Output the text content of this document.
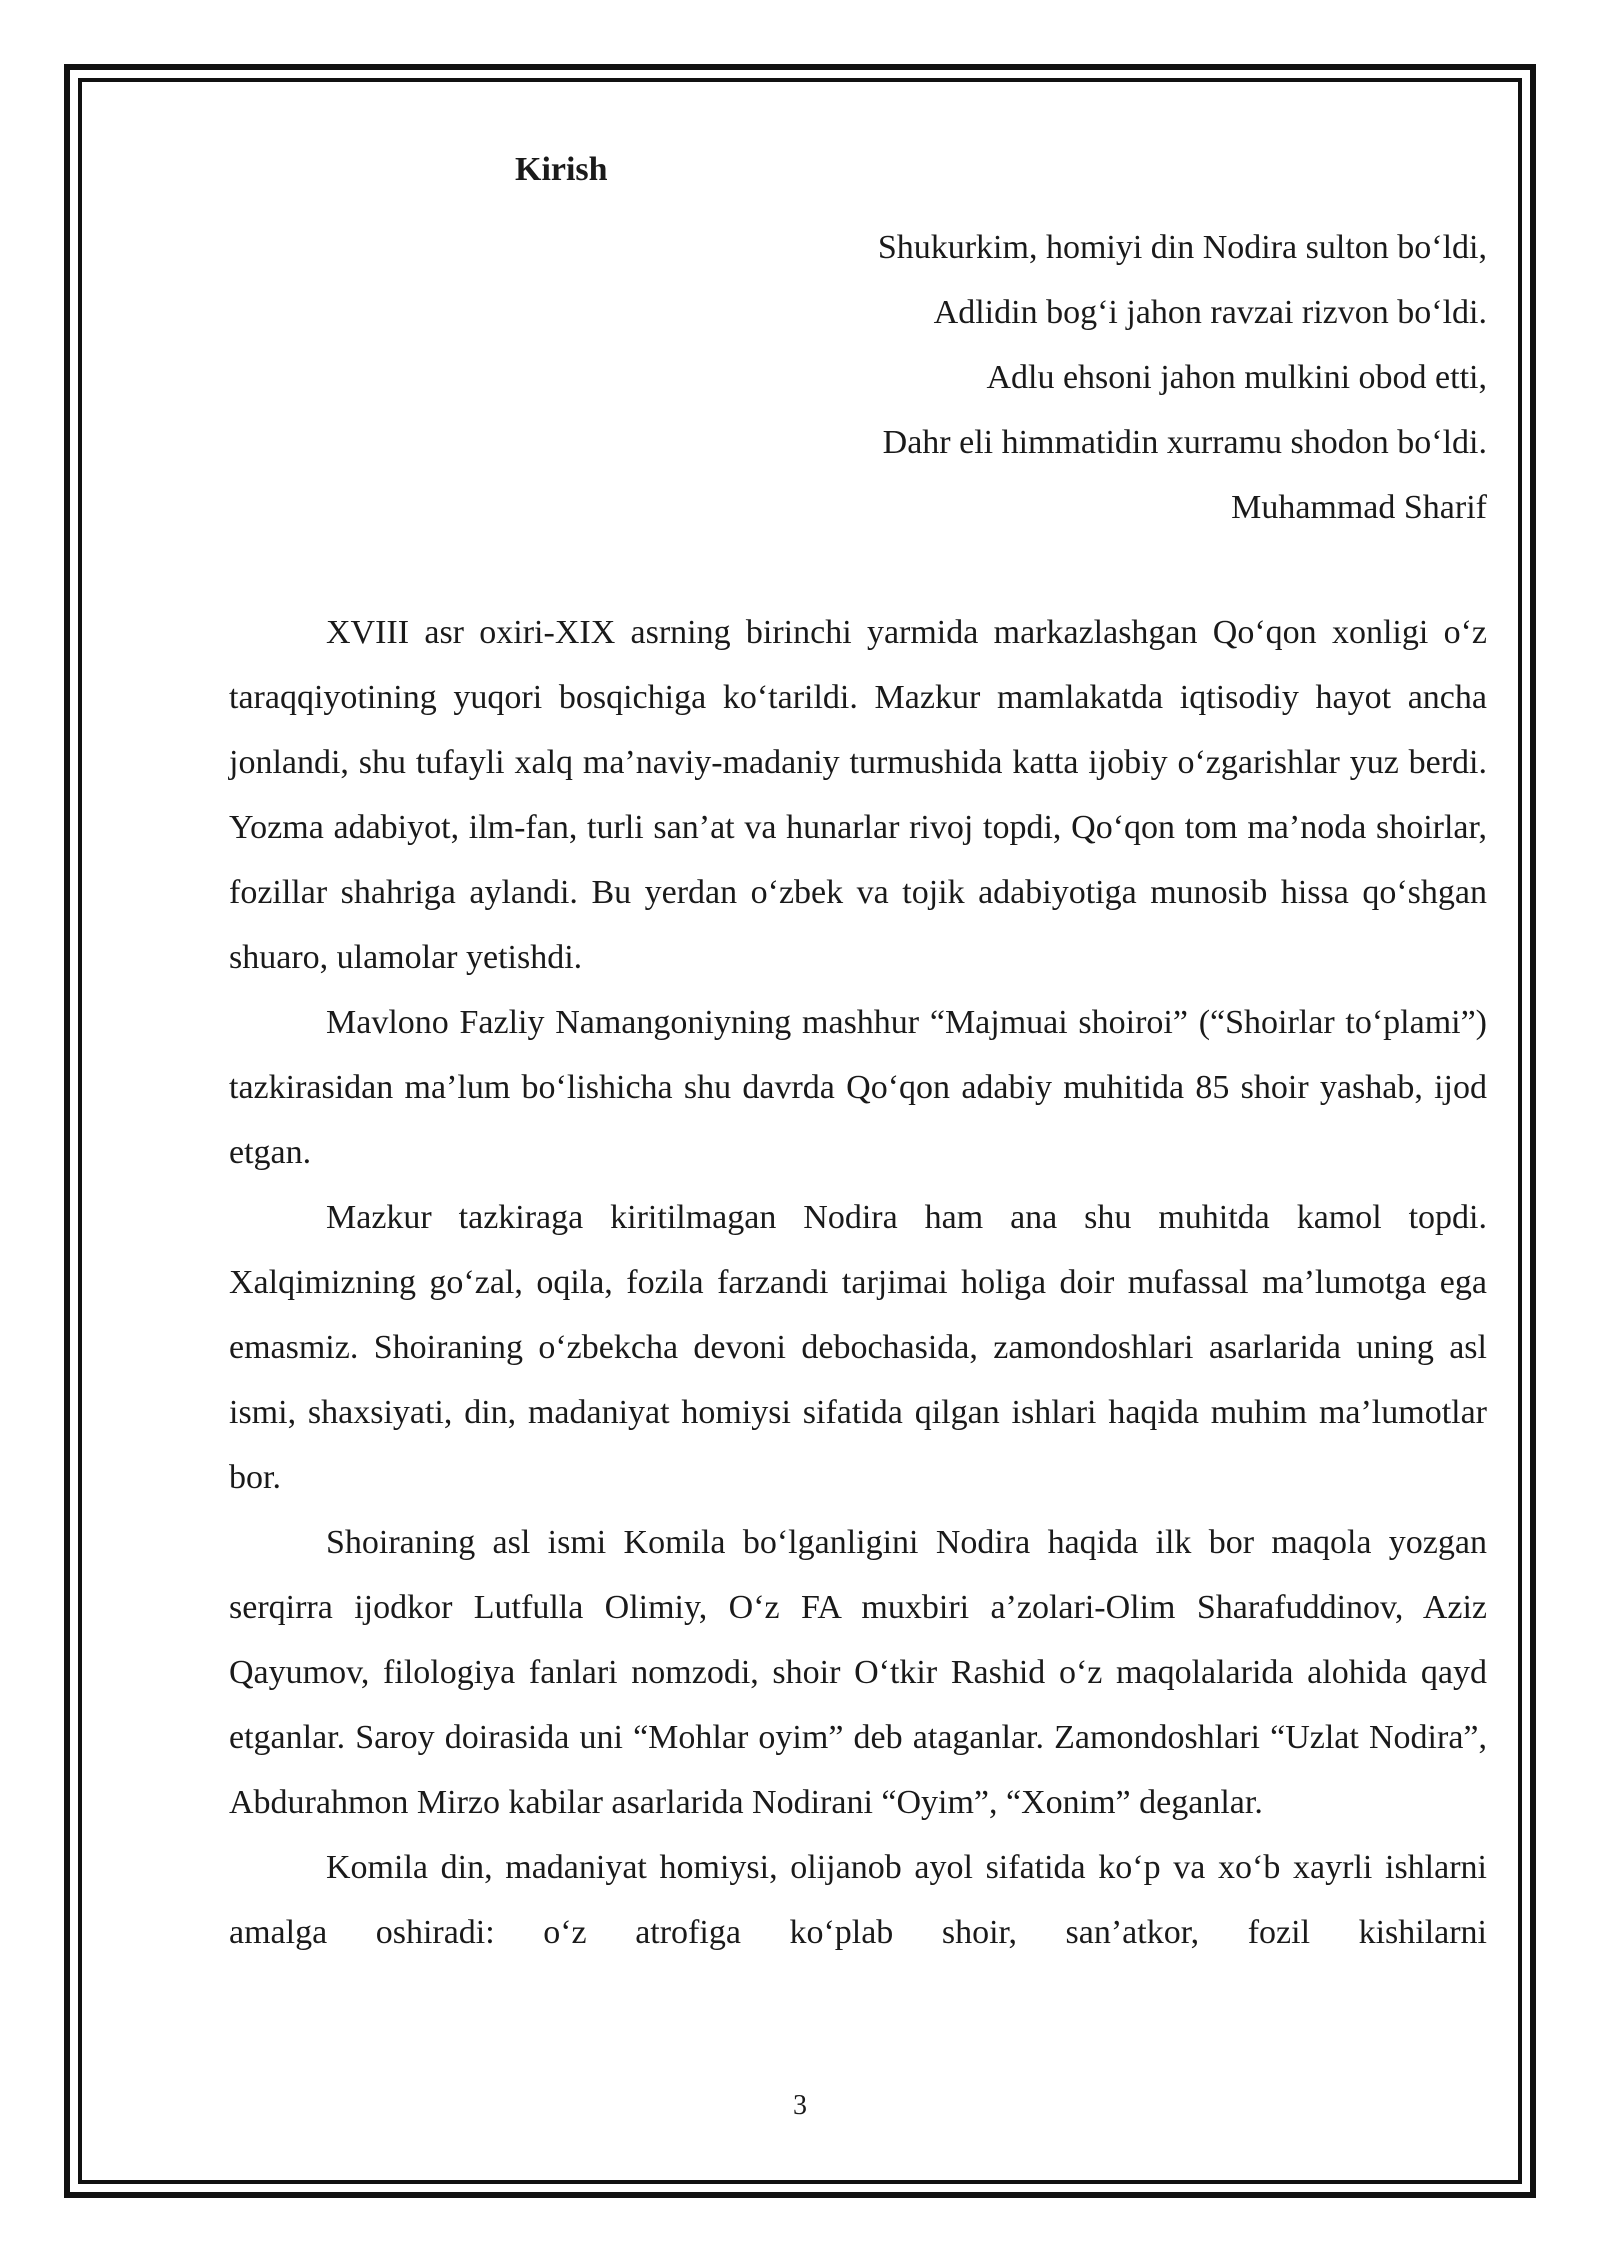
Kirish
Shukurkim, homiyi din Nodira sulton bo‘ldi,
Adlidin bog‘i jahon ravzai rizvon bo‘ldi.
Adlu ehsoni jahon mulkini obod etti,
Dahr eli himmatidin xurramu shodon bo‘ldi.
Muhammad Sharif

XVIII asr oxiri-XIX asrning birinchi yarmida markazlashgan Qo‘qon xonligi o‘z taraqqiyotining yuqori bosqichiga ko‘tarildi. Mazkur mamlakatda iqtisodiy hayot ancha jonlandi, shu tufayli xalq ma’naviy-madaniy turmushida katta ijobiy o‘zgarishlar yuz berdi. Yozma adabiyot, ilm-fan, turli san’at va hunarlar rivoj topdi, Qo‘qon tom ma’noda shoirlar, fozillar shahriga aylandi. Bu yerdan o‘zbek va tojik adabiyotiga munosib hissa qo‘shgan shuaro, ulamolar yetishdi.

Mavlono Fazliy Namangoniyning mashhur “Majmuai shoiroi” (“Shoirlar to‘plami”) tazkirasidan ma’lum bo‘lishicha shu davrda Qo‘qon adabiy muhitida 85 shoir yashab, ijod etgan.

Mazkur tazkiraga kiritilmagan Nodira ham ana shu muhitda kamol topdi. Xalqimizning go‘zal, oqila, fozila farzandi tarjimai holiga doir mufassal ma’lumotga ega emasmiz. Shoiraning o‘zbekcha devoni debochasida, zamondoshlari asarlarida uning asl ismi, shaxsiyati, din, madaniyat homiysi sifatida qilgan ishlari haqida muhim ma’lumotlar bor.

Shoiraning asl ismi Komila bo‘lganligini Nodira haqida ilk bor maqola yozgan serqirra ijodkor Lutfulla Olimiy, O‘z FA muxbiri a’zolari-Olim Sharafuddinov, Aziz Qayumov, filologiya fanlari nomzodi, shoir O‘tkir Rashid o‘z maqolalarida alohida qayd etganlar. Saroy doirasida uni “Mohlar oyim” deb ataganlar. Zamondoshlari “Uzlat Nodira”, Abdurahmon Mirzo kabilar asarlarida Nodirani “Oyim”, “Xonim” deganlar.

Komila din, madaniyat homiysi, olijanob ayol sifatida ko‘p va xo‘b xayrli ishlarni amalga oshiradi: o‘z atrofiga ko‘plab shoir, san’atkor, fozil kishilarni

3
